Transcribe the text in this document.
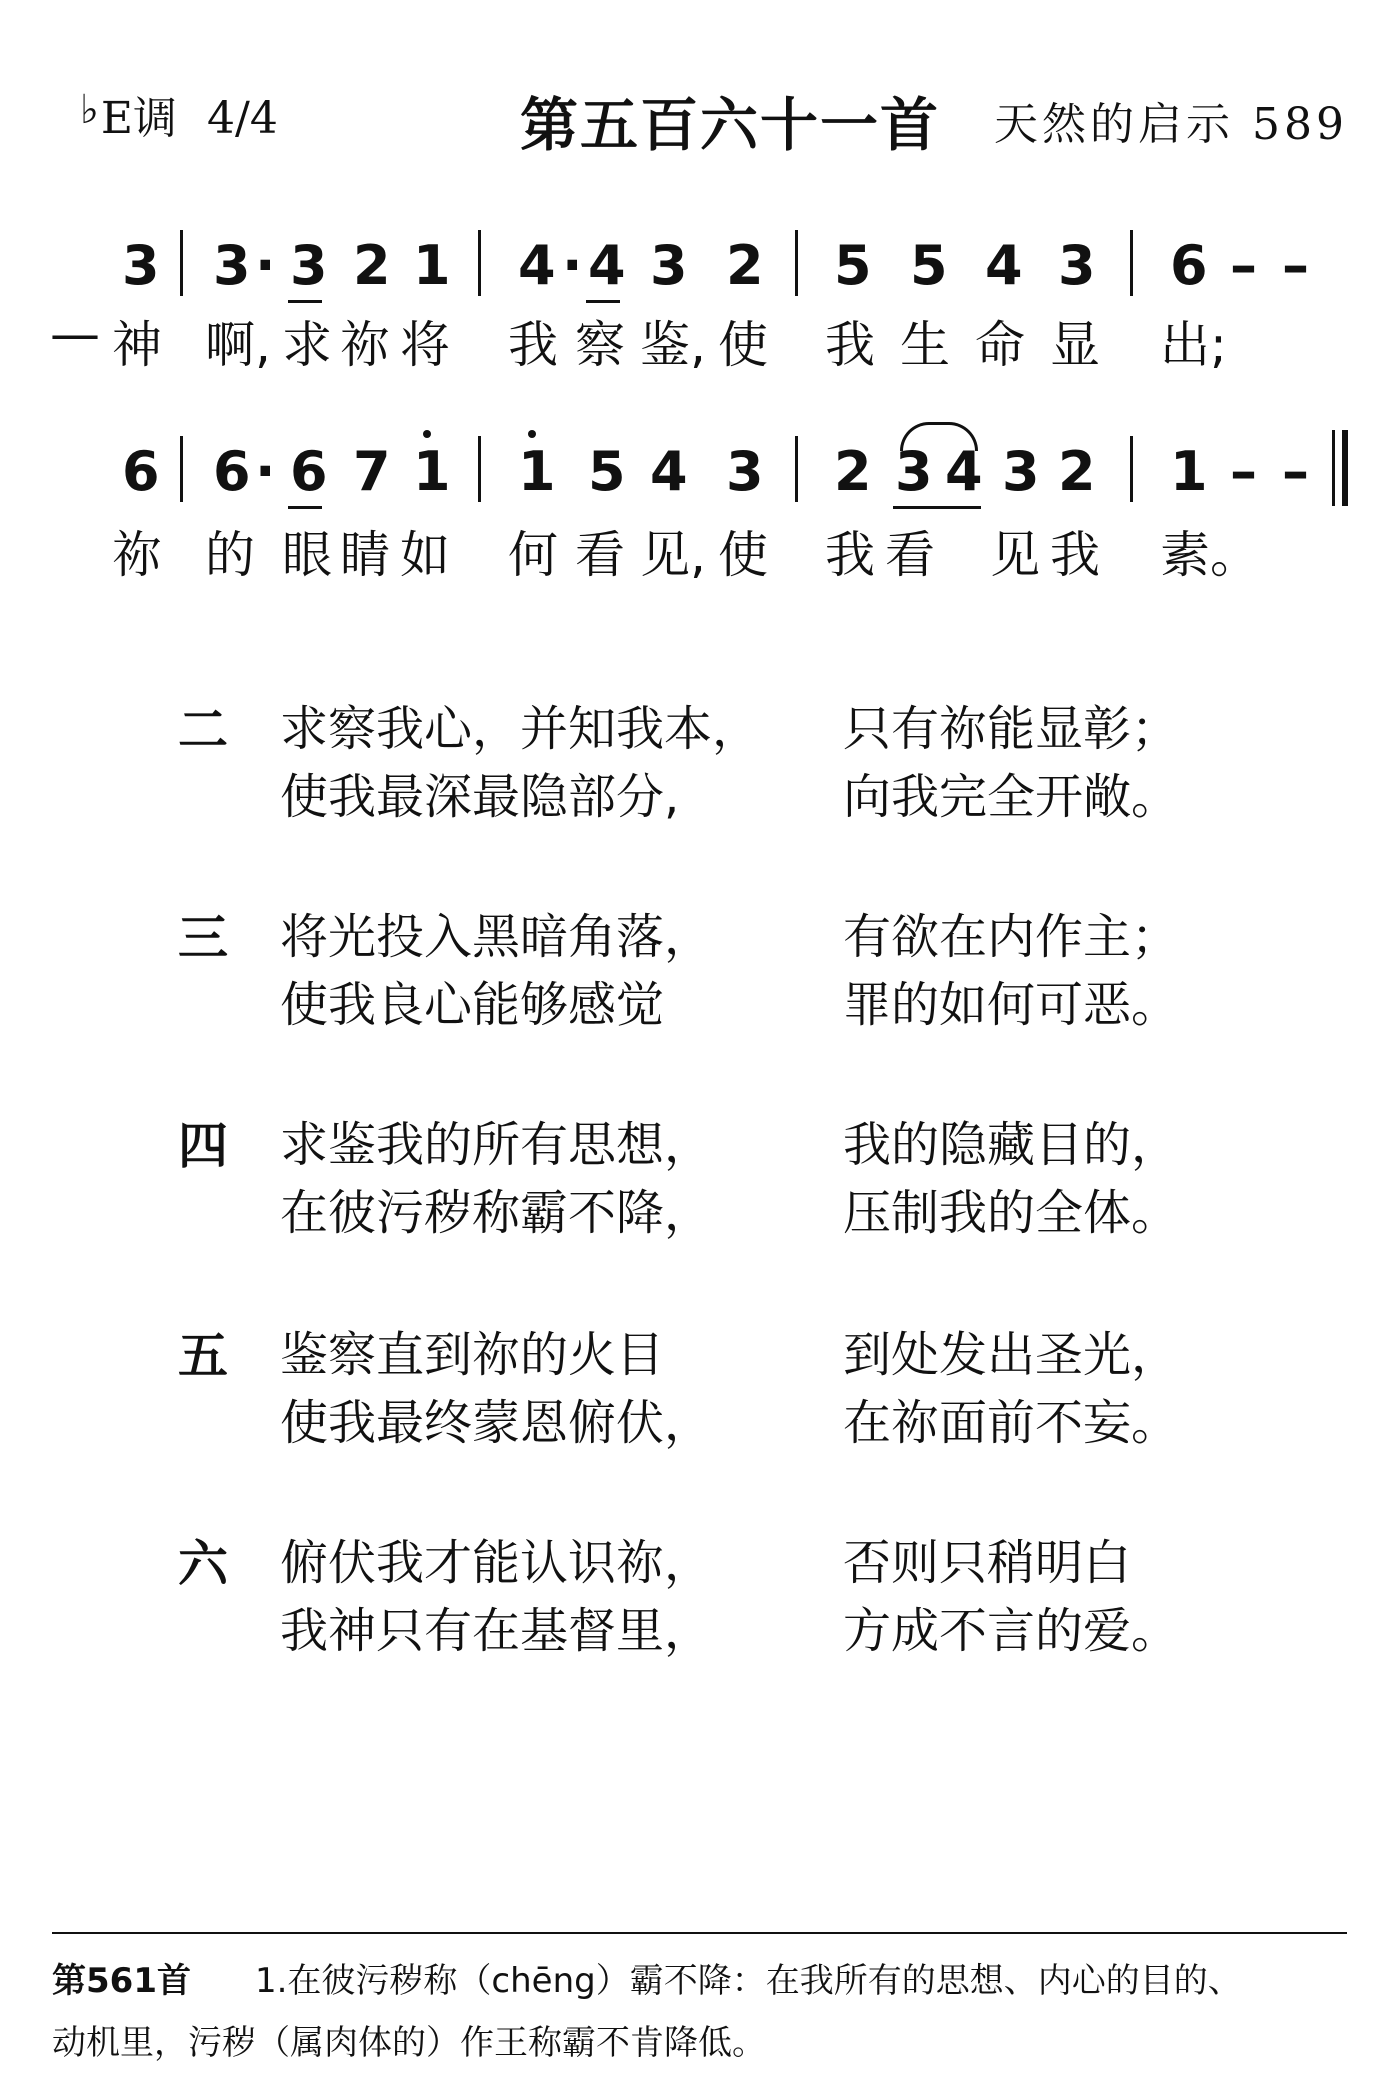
♭E调 4/4	第五百六十一首 天然的启示 589
3 3 · 3 2 1 4 · 4 3 2 5 5 4 3 6 – –
— 神 啊, 求 祢 将 我 察 鉴, 使 我 生 命 显 出;
6 6 · 6 7 1 1 5 4 3 2 3 4 3 2 1 – –
祢 的 眼 睛 如 何 看 见, 使 我 看 见 我 素。
二 求察我心，并知我本， 只有祢能显彰；
使我最深最隐部分,	向我完全开敞。
三 将光投入黑暗角落，	有欲在内作主；
使我良心能够感觉	罪的如何可恶。
四 求鉴我的所有思想，	我的隐藏目的，
在彼污秽称霸不降，	压制我的全体。
五 鉴察直到祢的火目	到处发出圣光，
使我最终蒙恩俯伏，	在祢面前不妄。
六 俯伏我才能认识祢，	否则只稍明白
我神只有在基督里，	方成不言的爱。
第561首 1.在彼污秽称（chēng）霸不降：在我所有的思想、内心的目的、
动机里，污秽（属肉体的）作王称霸不肯降低。
